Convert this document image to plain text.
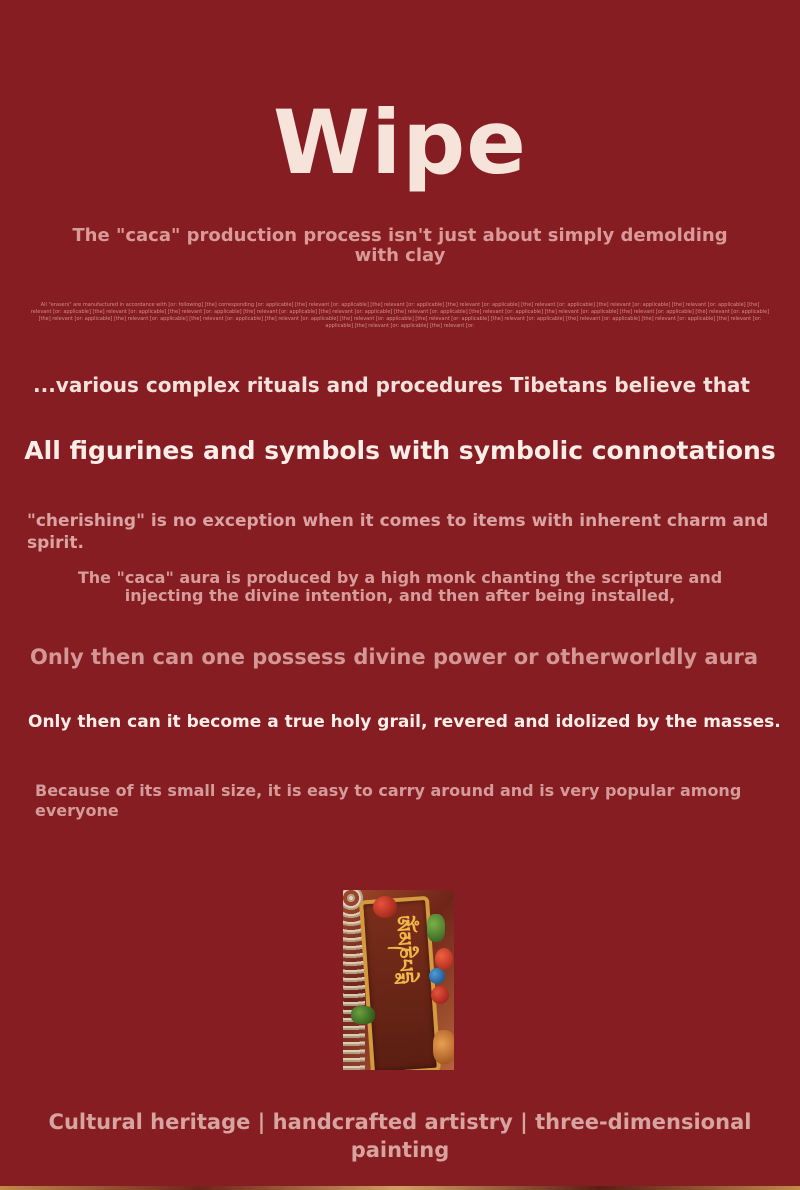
Wipe
The "caca" production process isn't just about simply demolding with clay
All "erasers" are manufactured in accordance with [or: following] [the] corresponding [or: applicable] [the] relevant [or: applicable] [the] relevant [or: applicable] [the] relevant [or: applicable] [the] relevant [or: applicable] [the] relevant [or: applicable] [the] relevant [or: applicable] [the] relevant [or: applicable] [the] relevant [or: applicable] [the] relevant [or: applicable] [the] relevant [or: applicable] [the] relevant [or: applicable] [the] relevant [or: applicable] [the] relevant [or: applicable] [the] relevant [or: applicable] [the] relevant [or: applicable] [the] relevant [or: applicable] [the] relevant [or: applicable] [the] relevant [or: applicable] [the] relevant [or: applicable] [the] relevant [or: applicable] [the] relevant [or: applicable] [the] relevant [or: applicable] [the] relevant [or: applicable] [the] relevant [or: applicable] [the] relevant [or: applicable] [the] relevant [or: applicable] [the] relevant [or: applicable] [the] relevant [or:
...various complex rituals and procedures Tibetans believe that
All figurines and symbols with symbolic connotations
"cherishing" is no exception when it comes to items with inherent charm and spirit.
The "caca" aura is produced by a high monk chanting the scripture and injecting the divine intention, and then after being installed,
Only then can one possess divine power or otherworldly aura
Only then can it become a true holy grail, revered and idolized by the masses.
Because of its small size, it is easy to carry around and is very popular among everyone
ཨོཾམཎིཔདྨེ
Cultural heritage | handcrafted artistry | three-dimensional painting
